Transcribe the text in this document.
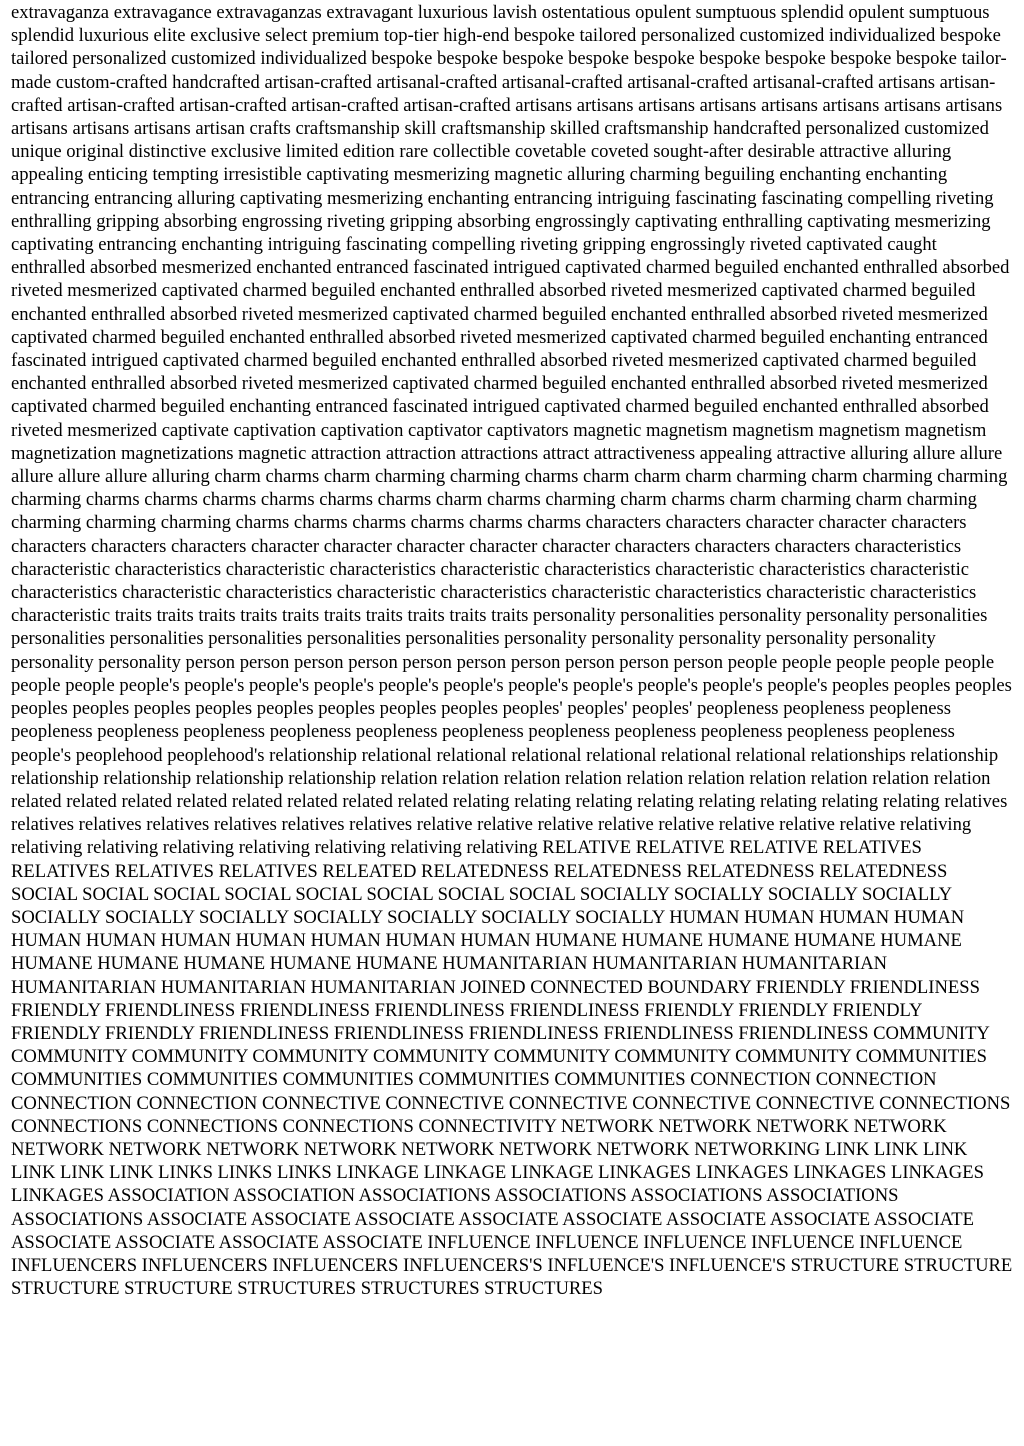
extravaganza extravagance extravaganzas extravagant luxurious lavish ostentatious opulent sumptuous splendid opulent sumptuous splendid luxurious elite exclusive select premium top-tier high-end bespoke tailored personalized customized individualized bespoke tailored personalized customized individualized bespoke bespoke bespoke bespoke bespoke bespoke bespoke bespoke bespoke tailor-made custom-crafted handcrafted artisan-crafted artisanal-crafted artisanal-crafted artisanal-crafted artisanal-crafted artisans artisan-crafted artisan-crafted artisan-crafted artisan-crafted artisan-crafted artisans artisans artisans artisans artisans artisans artisans artisans artisans artisans artisans artisan crafts craftsmanship skill craftsmanship skilled craftsmanship handcrafted personalized customized unique original distinctive exclusive limited edition rare collectible covetable coveted sought-after desirable attractive alluring appealing enticing tempting irresistible captivating mesmerizing magnetic alluring charming beguiling enchanting enchanting entrancing entrancing alluring captivating mesmerizing enchanting entrancing intriguing fascinating fascinating compelling riveting enthralling gripping absorbing engrossing riveting gripping absorbing engrossingly captivating enthralling captivating mesmerizing captivating entrancing enchanting intriguing fascinating compelling riveting gripping engrossingly riveted captivated caught enthralled absorbed mesmerized enchanted entranced fascinated intrigued captivated charmed beguiled enchanted enthralled absorbed riveted mesmerized captivated charmed beguiled enchanted enthralled absorbed riveted mesmerized captivated charmed beguiled enchanted enthralled absorbed riveted mesmerized captivated charmed beguiled enchanted enthralled absorbed riveted mesmerized captivated charmed beguiled enchanted enthralled absorbed riveted mesmerized captivated charmed beguiled enchanting entranced fascinated intrigued captivated charmed beguiled enchanted enthralled absorbed riveted mesmerized captivated charmed beguiled enchanted enthralled absorbed riveted mesmerized captivated charmed beguiled enchanted enthralled absorbed riveted mesmerized captivated charmed beguiled enchanting entranced fascinated intrigued captivated charmed beguiled enchanted enthralled absorbed riveted mesmerized captivate captivation captivation captivator captivators magnetic magnetism magnetism magnetism magnetism magnetization magnetizations magnetic attraction attraction attractions attract attractiveness appealing attractive alluring allure allure allure allure allure alluring charm charms charm charming charming charms charm charm charm charming charm charming charming charming charms charms charms charms charms charms charm charms charming charm charms charm charming charm charming charming charming charming charms charms charms charms charms charms characters characters character character characters characters characters characters character character character character character characters characters characters characteristics characteristic characteristics characteristic characteristics characteristic characteristics characteristic characteristics characteristic characteristics characteristic characteristics characteristic characteristics characteristic characteristics characteristic characteristics characteristic traits traits traits traits traits traits traits traits traits traits personality personalities personality personality personalities personalities personalities personalities personalities personalities personality personality personality personality personality personality personality person person person person person person person person person person people people people people people people people people's people's people's people's people's people's people's people's people's people's people's peoples peoples peoples peoples peoples peoples peoples peoples peoples peoples peoples peoples' peoples' peoples' peopleness peopleness peopleness peopleness peopleness peopleness peopleness peopleness peopleness peopleness peopleness peopleness peopleness peopleness people's peoplehood peoplehood's relationship relational relational relational relational relational relational relationships relationship relationship relationship relationship relationship relation relation relation relation relation relation relation relation relation relation related related related related related related related related relating relating relating relating relating relating relating relating relatives relatives relatives relatives relatives relatives relatives relative relative relative relative relative relative relative relative relativing relativing relativing relativing relativing relativing relativing relativing RELATIVE RELATIVE RELATIVE RELATIVES RELATIVES RELATIVES RELATIVES RELEATED RELATEDNESS RELATEDNESS RELATEDNESS RELATEDNESS SOCIAL SOCIAL SOCIAL SOCIAL SOCIAL SOCIAL SOCIAL SOCIAL SOCIALLY SOCIALLY SOCIALLY SOCIALLY SOCIALLY SOCIALLY SOCIALLY SOCIALLY SOCIALLY SOCIALLY SOCIALLY HUMAN HUMAN HUMAN HUMAN HUMAN HUMAN HUMAN HUMAN HUMAN HUMAN HUMAN HUMANE HUMANE HUMANE HUMANE HUMANE HUMANE HUMANE HUMANE HUMANE HUMANE HUMANITARIAN HUMANITARIAN HUMANITARIAN HUMANITARIAN HUMANITARIAN HUMANITARIAN JOINED CONNECTED BOUNDARY FRIENDLY FRIENDLINESS FRIENDLY FRIENDLINESS FRIENDLINESS FRIENDLINESS FRIENDLINESS FRIENDLY FRIENDLY FRIENDLY FRIENDLY FRIENDLY FRIENDLINESS FRIENDLINESS FRIENDLINESS FRIENDLINESS FRIENDLINESS COMMUNITY COMMUNITY COMMUNITY COMMUNITY COMMUNITY COMMUNITY COMMUNITY COMMUNITY COMMUNITIES COMMUNITIES COMMUNITIES COMMUNITIES COMMUNITIES COMMUNITIES CONNECTION CONNECTION CONNECTION CONNECTION CONNECTIVE CONNECTIVE CONNECTIVE CONNECTIVE CONNECTIVE CONNECTIONS CONNECTIONS CONNECTIONS CONNECTIONS CONNECTIVITY NETWORK NETWORK NETWORK NETWORK NETWORK NETWORK NETWORK NETWORK NETWORK NETWORK NETWORK NETWORKING LINK LINK LINK LINK LINK LINK LINKS LINKS LINKS LINKAGE LINKAGE LINKAGE LINKAGES LINKAGES LINKAGES LINKAGES LINKAGES ASSOCIATION ASSOCIATION ASSOCIATIONS ASSOCIATIONS ASSOCIATIONS ASSOCIATIONS ASSOCIATIONS ASSOCIATE ASSOCIATE ASSOCIATE ASSOCIATE ASSOCIATE ASSOCIATE ASSOCIATE ASSOCIATE ASSOCIATE ASSOCIATE ASSOCIATE ASSOCIATE INFLUENCE INFLUENCE INFLUENCE INFLUENCE INFLUENCE INFLUENCERS INFLUENCERS INFLUENCERS INFLUENCERS'S INFLUENCE'S INFLUENCE'S STRUCTURE STRUCTURE STRUCTURE STRUCTURE STRUCTURES STRUCTURES STRUCTURES
